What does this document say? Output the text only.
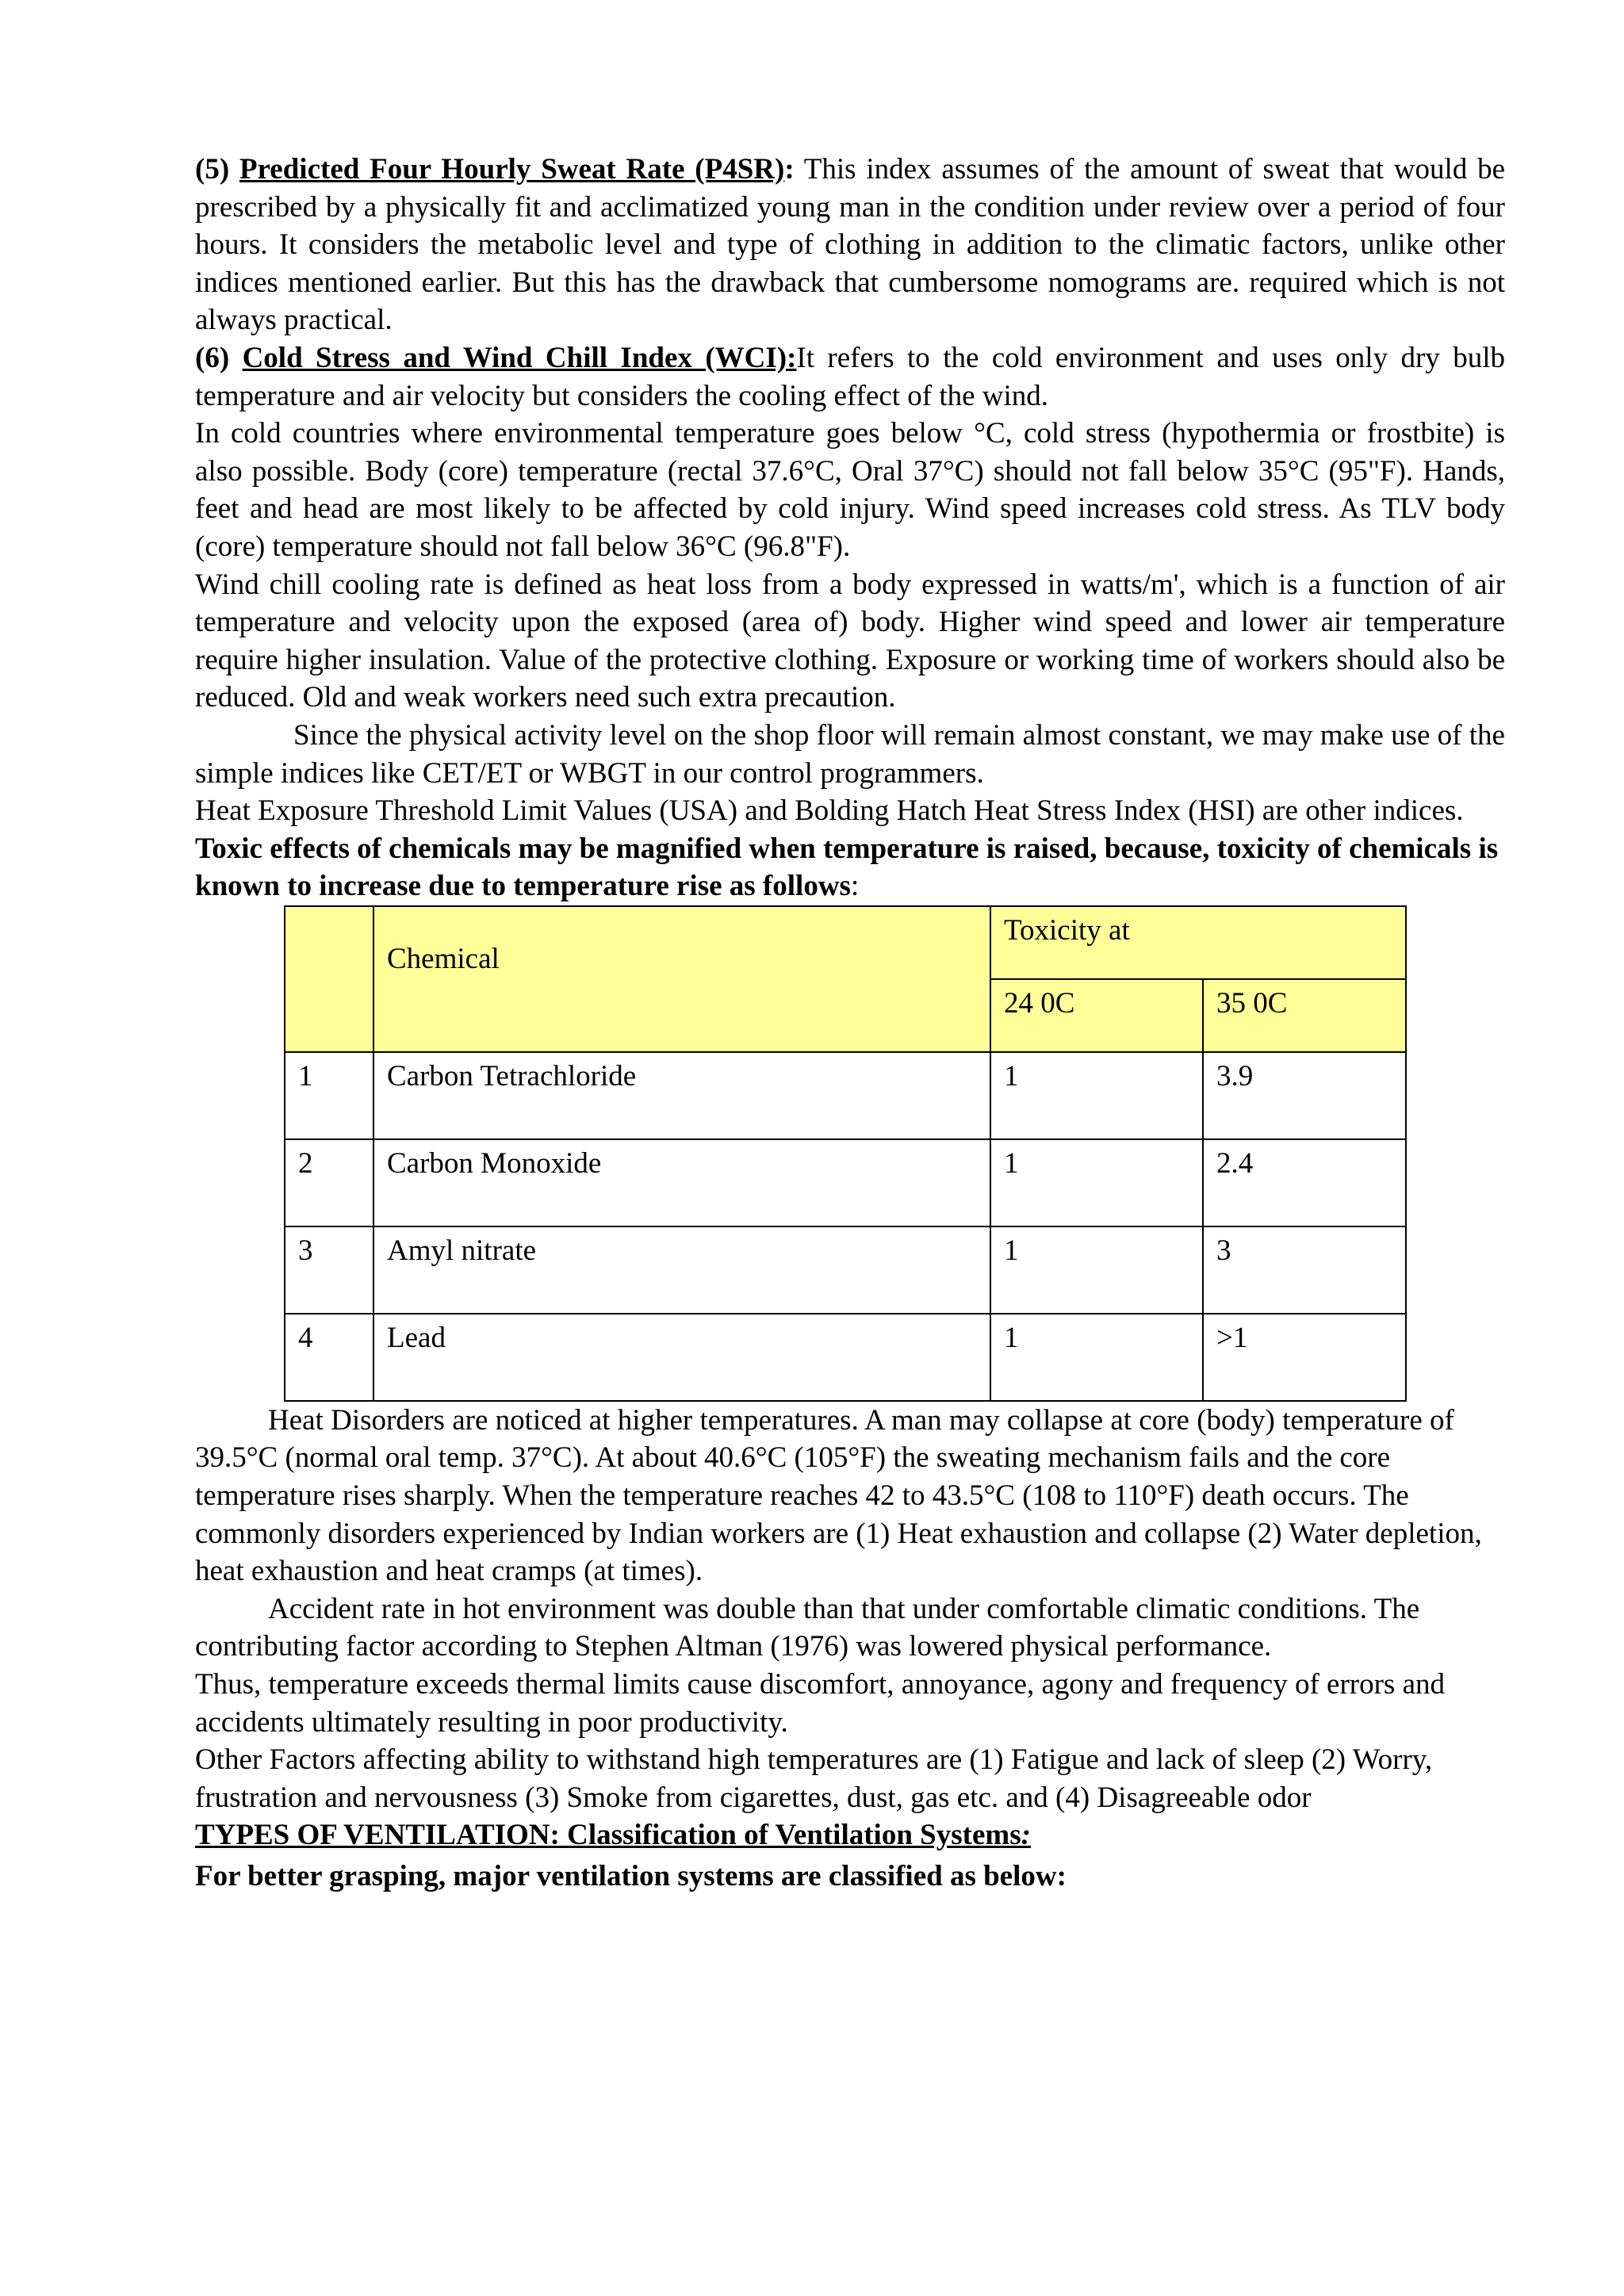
(5) Predicted Four Hourly Sweat Rate (P4SR): This index assumes of the amount of sweat that would be prescribed by a physically fit and acclimatized young man in the condition under review over a period of four hours. It considers the metabolic level and type of clothing in addition to the climatic factors, unlike other indices mentioned earlier. But this has the drawback that cumbersome nomograms are. required which is not always practical.

(6) Cold Stress and Wind Chill Index (WCI):It refers to the cold environment and uses only dry bulb temperature and air velocity but considers the cooling effect of the wind.

In cold countries where environmental temperature goes below °C, cold stress (hypothermia or frostbite) is also possible. Body (core) temperature (rectal 37.6°C, Oral 37°C) should not fall below 35°C (95"F). Hands, feet and head are most likely to be affected by cold injury. Wind speed increases cold stress. As TLV body (core) temperature should not fall below 36°C (96.8"F).

Wind chill cooling rate is defined as heat loss from a body expressed in watts/m', which is a function of air temperature and velocity upon the exposed (area of) body. Higher wind speed and lower air temperature require higher insulation. Value of the protective clothing. Exposure or working time of workers should also be reduced. Old and weak workers need such extra precaution.

Since the physical activity level on the shop floor will remain almost constant, we may make use of the simple indices like CET/ET or WBGT in our control programmers.

Heat Exposure Threshold Limit Values (USA) and Bolding Hatch Heat Stress Index (HSI) are other indices.

Toxic effects of chemicals may be magnified when temperature is raised, because, toxicity of chemicals is known to increase due to temperature rise as follows:

	Chemical	Toxicity at	
		24 0C	35 0C
1	Carbon Tetrachloride	1	3.9
2	Carbon Monoxide	1	2.4
3	Amyl nitrate	1	3
4	Lead	1	>1

Heat Disorders are noticed at higher temperatures. A man may collapse at core (body) temperature of 39.5°C (normal oral temp. 37°C). At about 40.6°C (105°F) the sweating mechanism fails and the core temperature rises sharply. When the temperature reaches 42 to 43.5°C (108 to 110°F) death occurs. The commonly disorders experienced by Indian workers are (1) Heat exhaustion and collapse (2) Water depletion, heat exhaustion and heat cramps (at times).

Accident rate in hot environment was double than that under comfortable climatic conditions. The contributing factor according to Stephen Altman (1976) was lowered physical performance.

Thus, temperature exceeds thermal limits cause discomfort, annoyance, agony and frequency of errors and accidents ultimately resulting in poor productivity.

Other Factors affecting ability to withstand high temperatures are (1) Fatigue and lack of sleep (2) Worry, frustration and nervousness (3) Smoke from cigarettes, dust, gas etc. and (4) Disagreeable odor

TYPES OF VENTILATION: Classification of Ventilation Systems:

For better grasping, major ventilation systems are classified as below:
